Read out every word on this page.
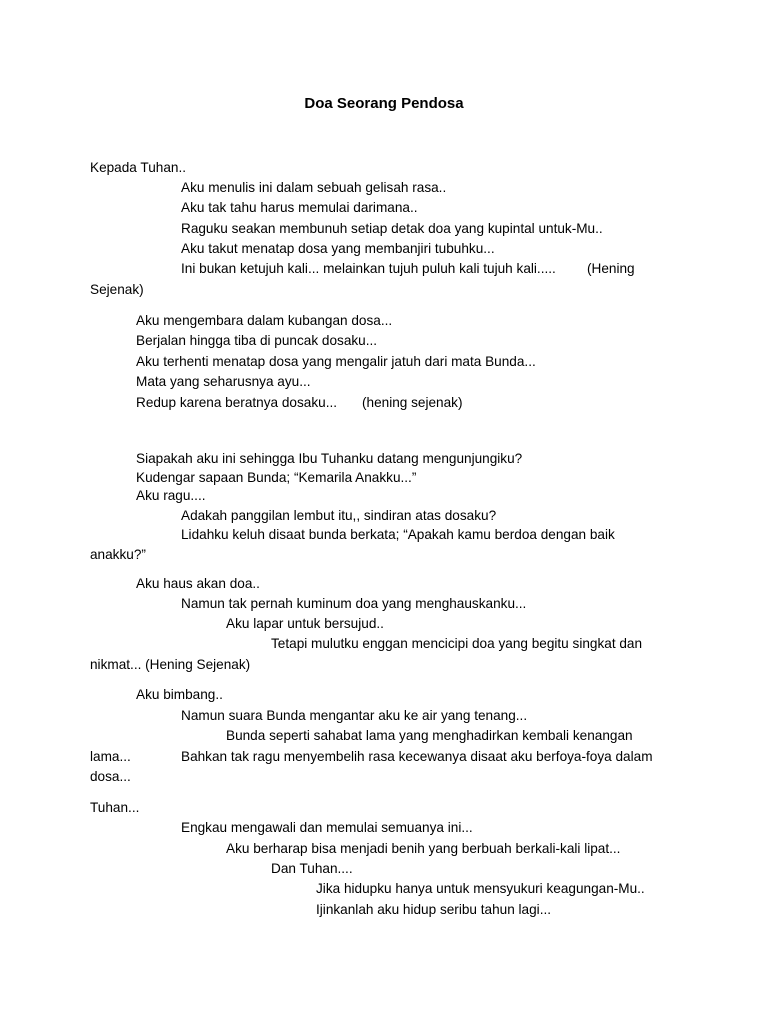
Doa Seorang Pendosa
Kepada Tuhan..
Aku menulis ini dalam sebuah gelisah rasa..
Aku tak tahu harus memulai darimana..
Raguku seakan membunuh setiap detak doa yang kupintal untuk-Mu..
Aku takut menatap dosa yang membanjiri tubuhku...
Ini bukan ketujuh kali... melainkan tujuh puluh kali tujuh kali..... (Hening
Sejenak)
Aku mengembara dalam kubangan dosa...
Berjalan hingga tiba di puncak dosaku...
Aku terhenti menatap dosa yang mengalir jatuh dari mata Bunda...
Mata yang seharusnya ayu...
Redup karena beratnya dosaku... (hening sejenak)
Siapakah aku ini sehingga Ibu Tuhanku datang mengunjungiku?
Kudengar sapaan Bunda; “Kemarila Anakku...”
Aku ragu....
Adakah panggilan lembut itu,, sindiran atas dosaku?
Lidahku keluh disaat bunda berkata; “Apakah kamu berdoa dengan baik
anakku?”
Aku haus akan doa..
Namun tak pernah kuminum doa yang menghauskanku...
Aku lapar untuk bersujud..
Tetapi mulutku enggan mencicipi doa yang begitu singkat dan
nikmat... (Hening Sejenak)
Aku bimbang..
Namun suara Bunda mengantar aku ke air yang tenang...
Bunda seperti sahabat lama yang menghadirkan kembali kenangan
lama...	Bahkan tak ragu menyembelih rasa kecewanya disaat aku berfoya-foya dalam
dosa...
Tuhan...
Engkau mengawali dan memulai semuanya ini...
Aku berharap bisa menjadi benih yang berbuah berkali-kali lipat...
Dan Tuhan....
Jika hidupku hanya untuk mensyukuri keagungan-Mu..
Ijinkanlah aku hidup seribu tahun lagi...
